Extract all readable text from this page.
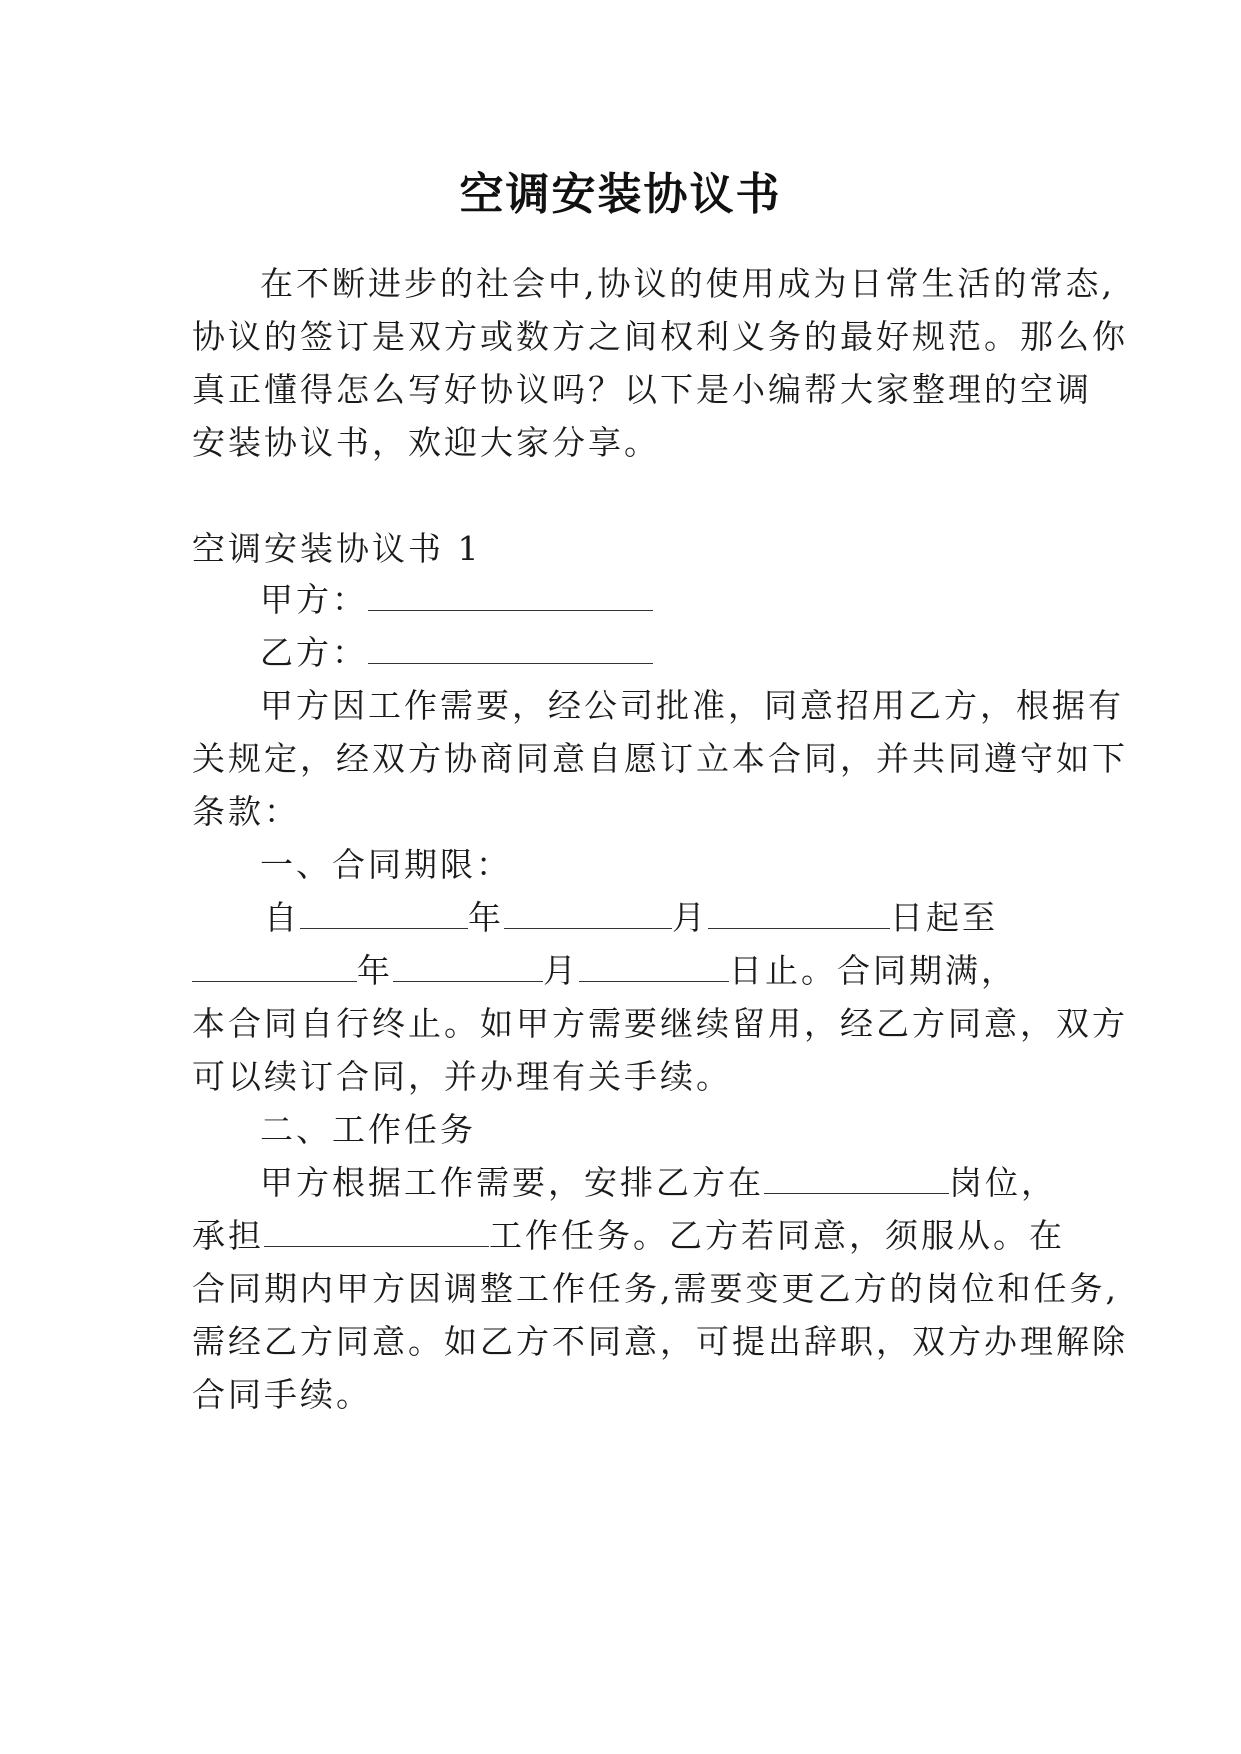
空调安装协议书
在不断进步的社会中,协议的使用成为日常生活的常态,
协议的签订是双方或数方之间权利义务的最好规范。那么你
真正懂得怎么写好协议吗？以下是小编帮大家整理的空调
安装协议书，欢迎大家分享。
空调安装协议书 1
甲方：
乙方：
甲方因工作需要，经公司批准，同意招用乙方，根据有
关规定，经双方协商同意自愿订立本合同，并共同遵守如下
条款：
一、合同期限：
自	年	月	日起至
年	月	日止。合同期满，
本合同自行终止。如甲方需要继续留用，经乙方同意，双方
可以续订合同，并办理有关手续。
二、工作任务
甲方根据工作需要，安排乙方在	岗位，
承担	工作任务。乙方若同意，须服从。在
合同期内甲方因调整工作任务,需要变更乙方的岗位和任务,
需经乙方同意。如乙方不同意，可提出辞职，双方办理解除
合同手续。
